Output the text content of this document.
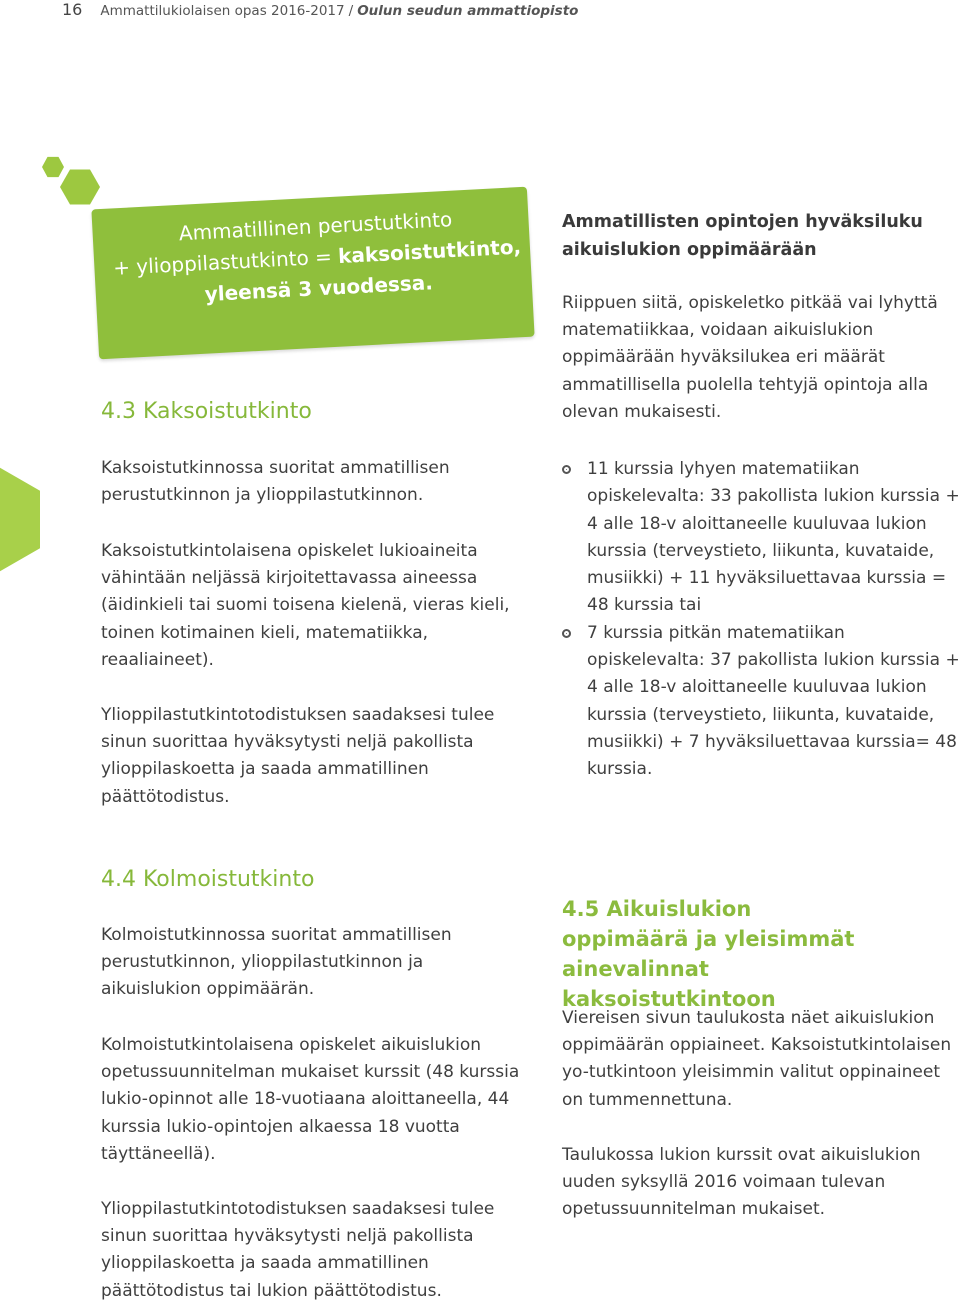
16 Ammattilukiolaisen opas 2016-2017 / Oulun seudun ammattiopisto
Ammatillinen perustutkinto
+ ylioppilastutkinto = kaksoistutkinto,
yleensä 3 vuodessa.
4.3 Kaksoistutkinto

Kaksoistutkinnossa suoritat ammatillisen perustutkinnon ja ylioppilastutkinnon.

Kaksoistutkintolaisena opiskelet lukioaineita vähintään neljässä kirjoitettavassa aineessa (äidinkieli tai suomi toisena kielenä, vieras kieli, toinen kotimainen kieli, matematiikka, reaaliaineet).

Ylioppilastutkintotodistuksen saadaksesi tulee sinun suorittaa hyväksytysti neljä pakollista ylioppilaskoetta ja saada ammatillinen päättötodistus.

Ammatillisten opintojen hyväksiluku aikuislukion oppimäärään

Riippuen siitä, opiskeletko pitkää vai lyhyttä matematiikkaa, voidaan aikuislukion oppimäärään hyväksilukea eri määrät ammatillisella puolella tehtyjä opintoja alla olevan mukaisesti.

11 kurssia lyhyen matematiikan opiskelevalta: 33 pakollista lukion kurssia + 4 alle 18-v aloittaneelle kuuluvaa lukion kurssia (terveystieto, liikunta, kuvataide, musiikki) + 11 hyväksiluettavaa kurssia = 48 kurssia tai
7 kurssia pitkän matematiikan opiskelevalta: 37 pakollista lukion kurssia + 4 alle 18-v aloittaneelle kuuluvaa lukion kurssia (terveystieto, liikunta, kuvataide, musiikki) + 7 hyväksiluettavaa kurssia= 48 kurssia.
4.4 Kolmoistutkinto

Kolmoistutkinnossa suoritat ammatillisen perustutkinnon, ylioppilastutkinnon ja aikuislukion oppimäärän.

Kolmoistutkintolaisena opiskelet aikuislukion opetussuunnitelman mukaiset kurssit (48 kurssia lukio-opinnot alle 18-vuotiaana aloittaneella, 44 kurssia lukio-opintojen alkaessa 18 vuotta täyttäneellä).

Ylioppilastutkintotodistuksen saadaksesi tulee sinun suorittaa hyväksytysti neljä pakollista ylioppilaskoetta ja saada ammatillinen päättötodistus tai lukion päättötodistus.

4.5 Aikuislukion oppimäärä ja yleisimmät ainevalinnat kaksoistutkintoon

Viereisen sivun taulukosta näet aikuislukion oppimäärän oppiaineet. Kaksoistutkintolaisen yo-tutkintoon yleisimmin valitut oppinaineet on tummennettuna.

Taulukossa lukion kurssit ovat aikuislukion uuden syksyllä 2016 voimaan tulevan opetussuunnitelman mukaiset.
